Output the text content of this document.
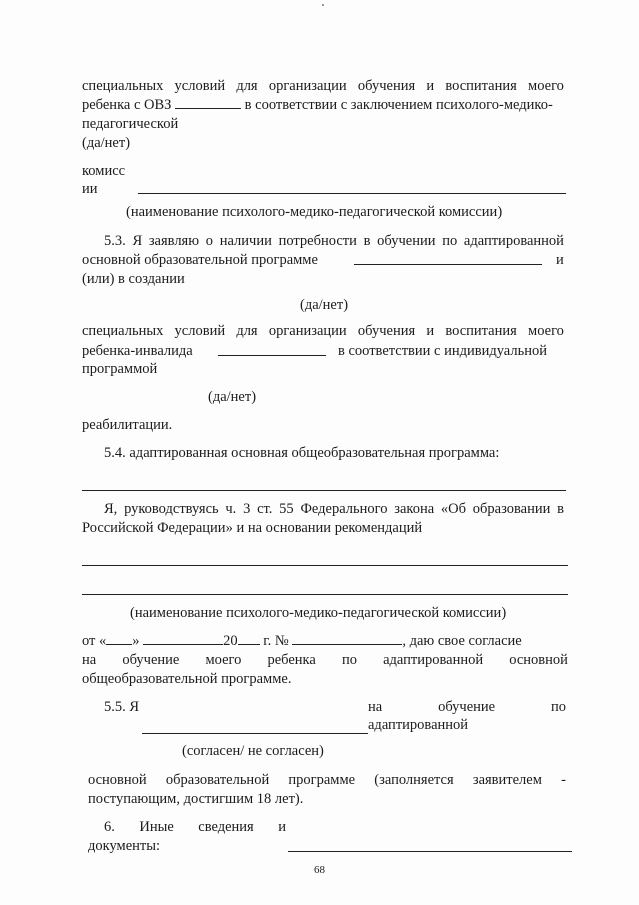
специальных условий для организации обучения и воспитания моего
ребенка с ОВЗ	в соответствии с заключением психолого-медико-
педагогической
(да/нет)
комисс
ии
(наименование психолого-медико-педагогической комиссии)
5.3. Я заявляю о наличии потребности в обучении по адаптированной
основной образовательной программе	и
(или) в создании
(да/нет)
специальных условий для организации обучения и воспитания моего
ребенка-инвалида	в соответствии с индивидуальной
программой
(да/нет)
реабилитации.
5.4. адаптированная основная общеобразовательная программа:
Я, руководствуясь ч. 3 ст. 55 Федерального закона «Об образовании в
Российской Федерации» и на основании рекомендаций
(наименование психолого-медико-педагогической комиссии)
от « »	20 г. №	, даю свое согласие
на обучение моего ребенка по адаптированной основной
общеобразовательной программе.
5.5. Я	на	обучение	по
адаптированной
(согласен/ не согласен)
основной образовательной программе (заполняется заявителем -
поступающим, достигшим 18 лет).
6. Иные сведения и
документы:
68
